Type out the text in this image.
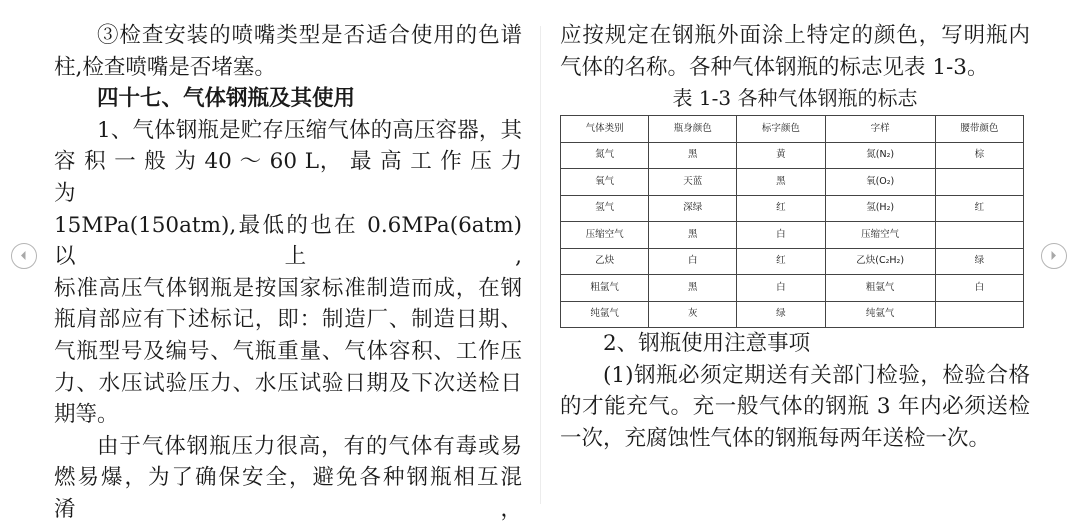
③检查安装的喷嘴类型是否适合使用的色谱

柱,检查喷嘴是否堵塞。

四十七、气体钢瓶及其使用

1、气体钢瓶是贮存压缩气体的高压容器，其

容 积 一 般 为 40 ～ 60 L， 最 高 工 作 压 力 为

15MPa(150atm),最低的也在 0.6MPa(6atm)以上,

标准高压气体钢瓶是按国家标准制造而成，在钢

瓶肩部应有下述标记，即：制造厂、制造日期、

气瓶型号及编号、气瓶重量、气体容积、工作压

力、水压试验压力、水压试验日期及下次送检日

期等。

由于气体钢瓶压力很高，有的气体有毒或易

燃易爆，为了确保安全，避免各种钢瓶相互混淆，

应按规定在钢瓶外面涂上特定的颜色，写明瓶内

气体的名称。各种气体钢瓶的标志见表 1-3。

表 1-3 各种气体钢瓶的标志

气体类别	瓶身颜色	标字颜色	字样	腰带颜色
氮气	黑	黄	氮(N₂)	棕
氧气	天蓝	黑	氧(O₂)	
氢气	深绿	红	氢(H₂)	红
压缩空气	黑	白	压缩空气	
乙炔	白	红	乙炔(C₂H₂)	绿
粗氩气	黑	白	粗氩气	白
纯氩气	灰	绿	纯氩气	

2、钢瓶使用注意事项

(1)钢瓶必须定期送有关部门检验，检验合格

的才能充气。充一般气体的钢瓶 3 年内必须送检

一次，充腐蚀性气体的钢瓶每两年送检一次。
